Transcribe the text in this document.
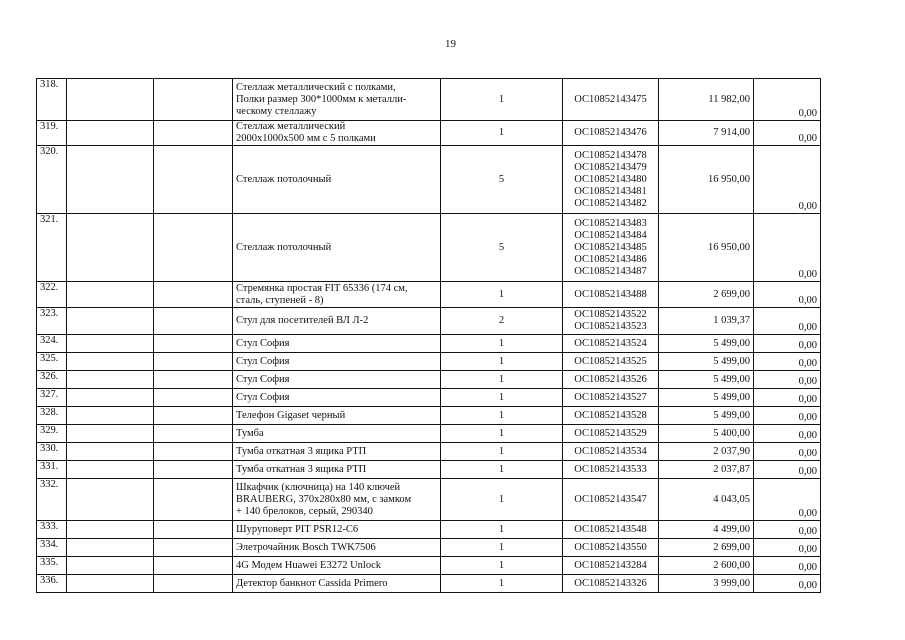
19
318.			Стеллаж металлический с полками,
Полки размер 300*1000мм к металли-
ческому стеллажу	1	ОС10852143475	11 982,00	0,00
319.			Стеллаж металлический
2000х1000х500 мм с 5 полками	1	ОС10852143476	7 914,00	0,00
320.			Стеллаж потолочный	5	ОС10852143478
ОС10852143479
ОС10852143480
ОС10852143481
ОС10852143482	16 950,00	0,00
321.			Стеллаж потолочный	5	ОС10852143483
ОС10852143484
ОС10852143485
ОС10852143486
ОС10852143487	16 950,00	0,00
322.			Стремянка простая FIT 65336 (174 см,
сталь, ступеней - 8)	1	ОС10852143488	2 699,00	0,00
323.			Стул для посетителей ВЛ Л-2	2	ОС10852143522
ОС10852143523	1 039,37	0,00
324.			Стул София	1	ОС10852143524	5 499,00	0,00
325.			Стул София	1	ОС10852143525	5 499,00	0,00
326.			Стул София	1	ОС10852143526	5 499,00	0,00
327.			Стул София	1	ОС10852143527	5 499,00	0,00
328.			Телефон Gigaset черный	1	ОС10852143528	5 499,00	0,00
329.			Тумба	1	ОС10852143529	5 400,00	0,00
330.			Тумба откатная 3 ящика РТП	1	ОС10852143534	2 037,90	0,00
331.			Тумба откатная 3 ящика РТП	1	ОС10852143533	2 037,87	0,00
332.			Шкафчик (ключница) на 140 ключей
BRAUBERG, 370х280х80 мм, с замком
+ 140 брелоков, серый, 290340	1	ОС10852143547	4 043,05	0,00
333.			Шуруповерт PIT PSR12-C6	1	ОС10852143548	4 499,00	0,00
334.			Элетрочайник Bosch TWK7506	1	ОС10852143550	2 699,00	0,00
335.			4G Модем Huawei E3272 Unlock	1	ОС10852143284	2 600,00	0,00
336.			Детектор банкнот Cassida Primero	1	ОС10852143326	3 999,00	0,00
